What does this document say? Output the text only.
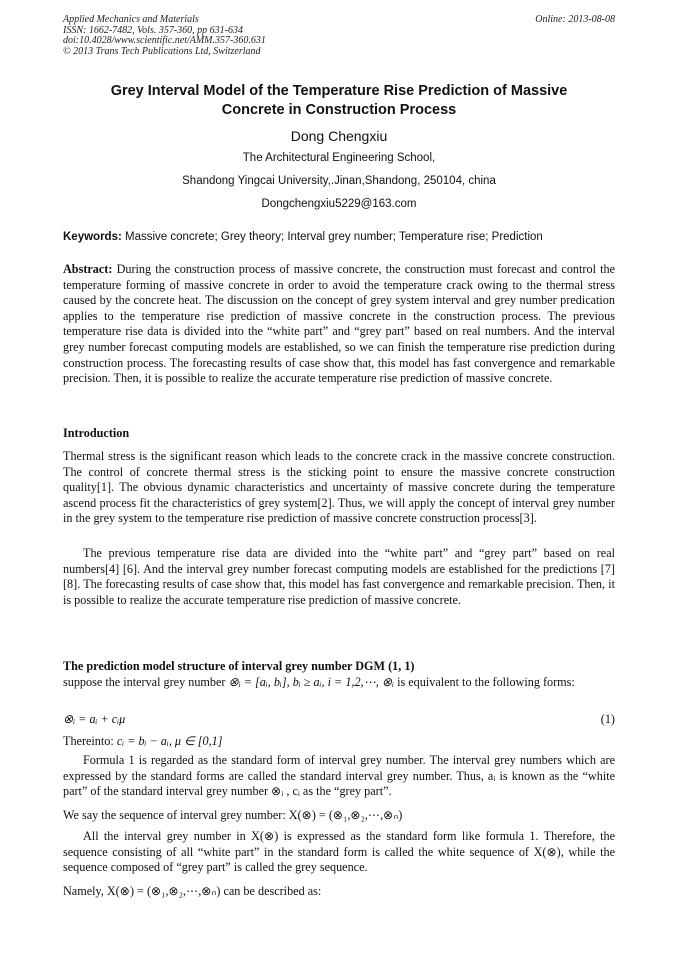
Applied Mechanics and Materials
ISSN: 1662-7482, Vols. 357-360, pp 631-634
doi:10.4028/www.scientific.net/AMM.357-360.631
© 2013 Trans Tech Publications Ltd, Switzerland
Online: 2013-08-08
Grey Interval Model of the Temperature Rise Prediction of Massive
Concrete in Construction Process
Dong Chengxiu
The Architectural Engineering School,
Shandong Yingcai University,.Jinan,Shandong, 250104, china
Dongchengxiu5229@163.com
Keywords: Massive concrete; Grey theory; Interval grey number; Temperature rise; Prediction
Abstract: During the construction process of massive concrete, the construction must forecast and control the temperature forming of massive concrete in order to avoid the temperature crack owing to the thermal stress caused by the concrete heat. The discussion on the concept of grey system interval and grey number predication applies to the temperature rise prediction of massive concrete in the construction process. The previous temperature rise data is divided into the “white part” and “grey part” based on real numbers. And the interval grey number forecast computing models are established, so we can finish the temperature rise prediction during construction process. The forecasting results of case show that, this model has fast convergence and remarkable precision. Then, it is possible to realize the accurate temperature rise prediction of massive concrete.
Introduction
Thermal stress is the significant reason which leads to the concrete crack in the massive concrete construction. The control of concrete thermal stress is the sticking point to ensure the massive concrete construction quality[1]. The obvious dynamic characteristics and uncertainty of massive concrete during the temperature ascend process fit the characteristics of grey system[2]. Thus, we will apply the concept of interval grey number in the grey system to the temperature rise prediction of massive concrete construction process[3].
The previous temperature rise data are divided into the “white part” and “grey part” based on real numbers[4] [6]. And the interval grey number forecast computing models are established for the predictions [7] [8]. The forecasting results of case show that, this model has fast convergence and remarkable precision. Then, it is possible to realize the accurate temperature rise prediction of massive concrete.
The prediction model structure of interval grey number DGM (1, 1)
suppose the interval grey number ⊗ᵢ = [aᵢ, bᵢ], bᵢ ≥ aᵢ, i = 1,2,⋯, ⊗ᵢ is equivalent to the following forms:
⊗ᵢ = aᵢ + cᵢμ	(1)
Thereinto: cᵢ = bᵢ − aᵢ, μ ∈ [0,1]
Formula 1 is regarded as the standard form of interval grey number. The interval grey numbers which are expressed by the standard forms are called the standard interval grey number. Thus, aᵢ is known as the “white part” of the standard interval grey number ⊗ᵢ , cᵢ as the “grey part”.
We say the sequence of interval grey number: X(⊗) = (⊗₁,⊗₂,⋯,⊗ₙ)
All the interval grey number in X(⊗) is expressed as the standard form like formula 1. Therefore, the sequence consisting of all “white part” in the standard form is called the white sequence of X(⊗), while the sequence composed of “grey part” is called the grey sequence.
Namely, X(⊗) = (⊗₁,⊗₂,⋯,⊗ₙ) can be described as:
